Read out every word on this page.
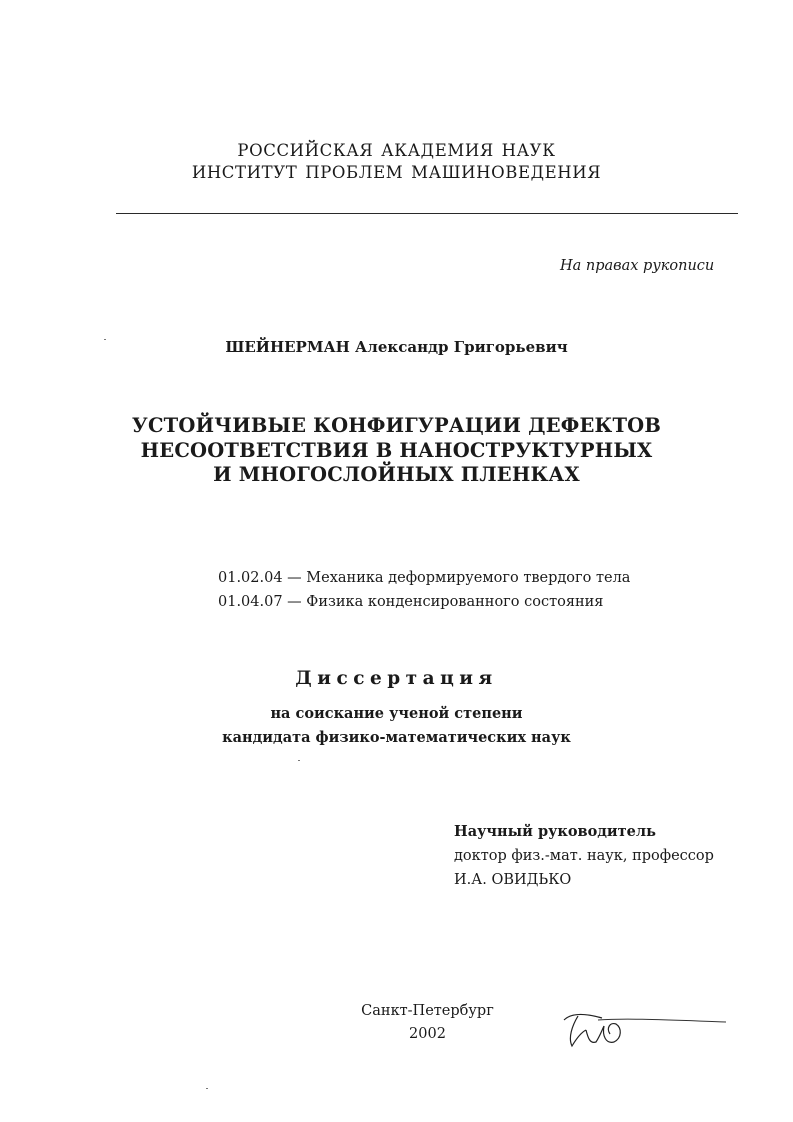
РОССИЙСКАЯ АКАДЕМИЯ НАУК
ИНСТИТУТ ПРОБЛЕМ МАШИНОВЕДЕНИЯ
На правах рукописи
ШЕЙНЕРМАН Александр Григорьевич
УСТОЙЧИВЫЕ КОНФИГУРАЦИИ ДЕФЕКТОВ
НЕСООТВЕТСТВИЯ В НАНОСТРУКТУРНЫХ
И МНОГОСЛОЙНЫХ ПЛЕНКАХ
01.02.04 — Механика деформируемого твердого тела
01.04.07 — Физика конденсированного состояния
Диссертация
на соискание ученой степени
кандидата физико-математических наук
Научный руководитель
доктор физ.-мат. наук, профессор
И.А. ОВИДЬКО
Санкт-Петербург
2002
